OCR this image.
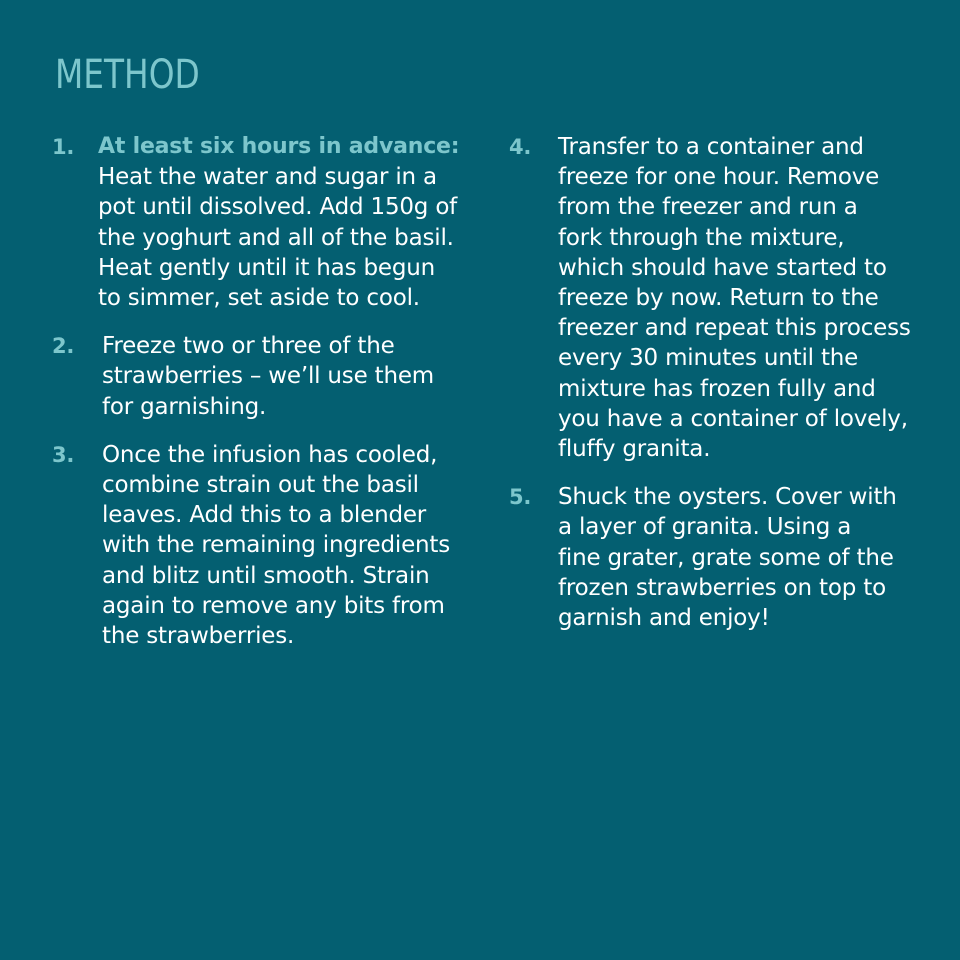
METHOD
1. At least six hours in advance:
Heat the water and sugar in a
pot until dissolved. Add 150g of
the yoghurt and all of the basil.
Heat gently until it has begun
to simmer, set aside to cool.
2. Freeze two or three of the
strawberries – we’ll use them
for garnishing.
3. Once the infusion has cooled,
combine strain out the basil
leaves. Add this to a blender
with the remaining ingredients
and blitz until smooth. Strain
again to remove any bits from
the strawberries.
4. Transfer to a container and
freeze for one hour. Remove
from the freezer and run a
fork through the mixture,
which should have started to
freeze by now. Return to the
freezer and repeat this process
every 30 minutes until the
mixture has frozen fully and
you have a container of lovely,
fluffy granita.
5. Shuck the oysters. Cover with
a layer of granita. Using a
fine grater, grate some of the
frozen strawberries on top to
garnish and enjoy!
